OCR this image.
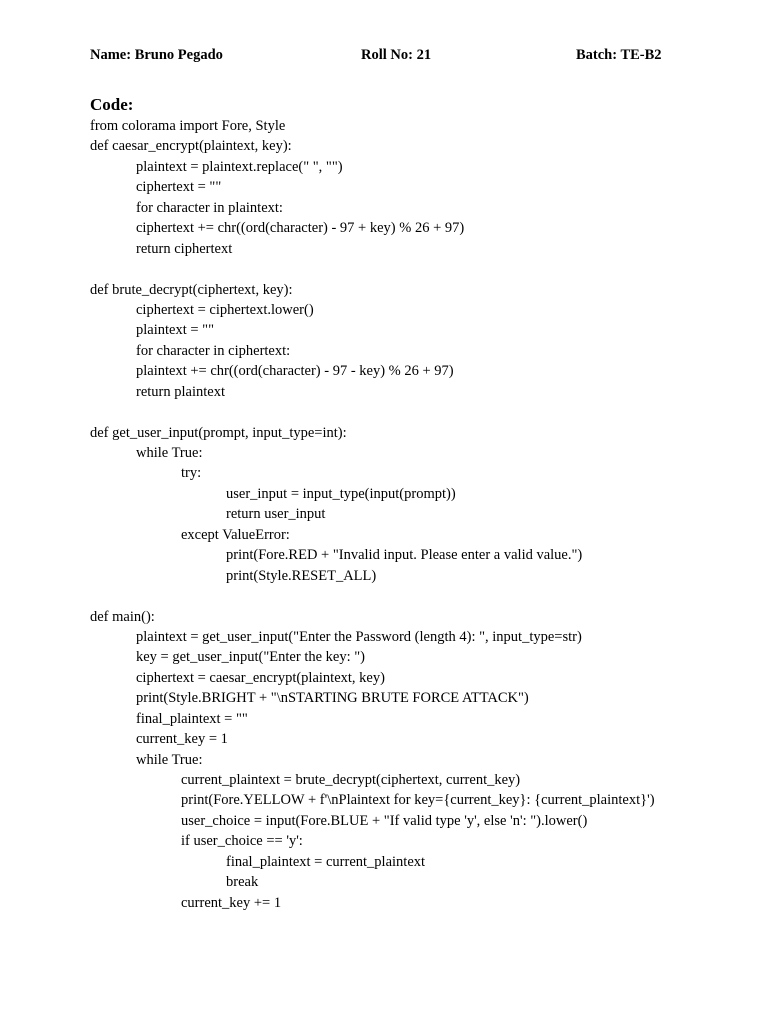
Name: Bruno Pegado	Roll No: 21	Batch: TE-B2
Code:
from colorama import Fore, Style
def caesar_encrypt(plaintext, key):
plaintext = plaintext.replace(" ", "")
ciphertext = ""
for character in plaintext:
ciphertext += chr((ord(character) - 97 + key) % 26 + 97)
return ciphertext
def brute_decrypt(ciphertext, key):
ciphertext = ciphertext.lower()
plaintext = ""
for character in ciphertext:
plaintext += chr((ord(character) - 97 - key) % 26 + 97)
return plaintext
def get_user_input(prompt, input_type=int):
while True:
try:
user_input = input_type(input(prompt))
return user_input
except ValueError:
print(Fore.RED + "Invalid input. Please enter a valid value.")
print(Style.RESET_ALL)
def main():
plaintext = get_user_input("Enter the Password (length 4): ", input_type=str)
key = get_user_input("Enter the key: ")
ciphertext = caesar_encrypt(plaintext, key)
print(Style.BRIGHT + "\nSTARTING BRUTE FORCE ATTACK")
final_plaintext = ""
current_key = 1
while True:
current_plaintext = brute_decrypt(ciphertext, current_key)
print(Fore.YELLOW + f'\nPlaintext for key={current_key}: {current_plaintext}')
user_choice = input(Fore.BLUE + "If valid type 'y', else 'n': ").lower()
if user_choice == 'y':
final_plaintext = current_plaintext
break
current_key += 1
